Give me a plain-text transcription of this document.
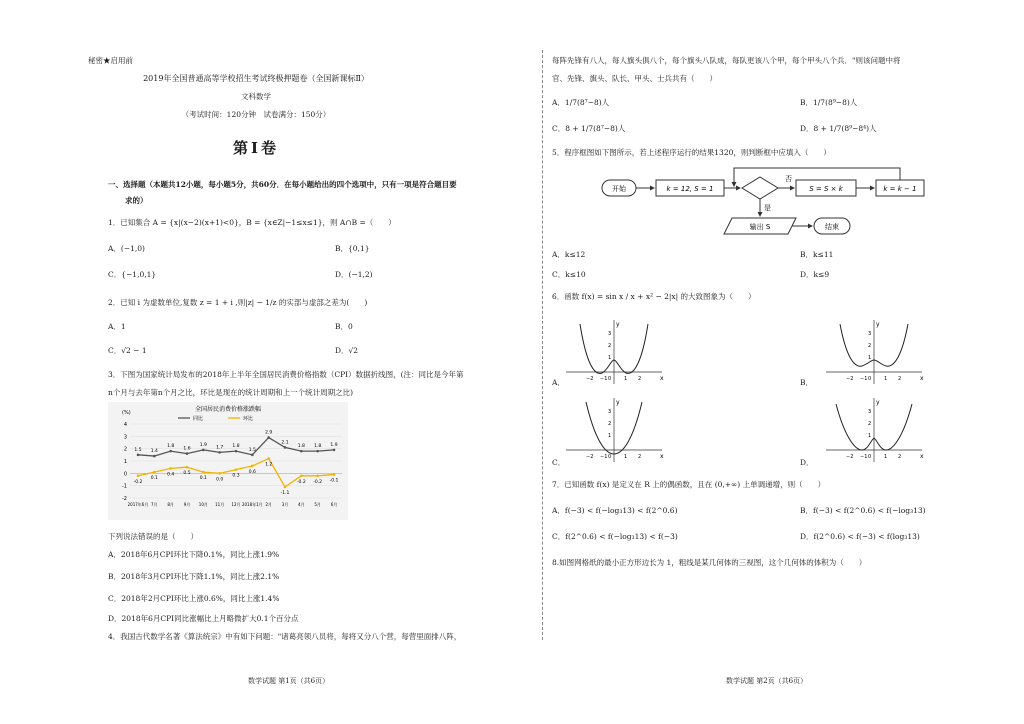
秘密★启用前
2019年全国普通高等学校招生考试终极押题卷（全国新课标Ⅱ）
文科数学
（考试时间：120分钟　试卷满分：150分）
第Ⅰ卷
一、选择题（本题共12小题，每小题5分，共60分．在每小题给出的四个选项中，只有一项是符合题目要
求的）
1．已知集合 A = {x|(x−2)(x+1)<0}，B = {x∈Z|−1≤x≤1}，则 A∩B =（　　）
A．(−1,0)	B．{0,1}
C．{−1,0,1}	D．(−1,2)
2．已知 i 为虚数单位,复数 z = 1 + i ,则|z| − 1/z 的实部与虚部之差为(　　)
A．1	B．0
C．√2 − 1	D．√2
3．下图为国家统计局发布的2018年上半年全国居民消费价格指数（CPI）数据折线图，(注：同比是今年第
n个月与去年第n个月之比，环比是现在的统计周期和上一个统计周期之比)
全国居民消费价格涨跌幅
(%)
同比	环比
-2
-1
0
1
2
3
4
2017年6月 7月 8月 9月 10月 11月 12月 2018年1月 2月 3月 4月 5月 6月
1.5 1.4
1.8 1.6
1.9 1.7 1.8
1.5
2.9
2.1
1.8 1.8 1.9
-0.2
0.1
0.4 0.5
0.1 0.0
0.3
0.6
1.2
-1.1
-0.2 -0.2 -0.1
下列说法错误的是（　　）
A．2018年6月CPI环比下降0.1%，同比上涨1.9%
B．2018年3月CPI环比下降1.1%，同比上涨2.1%
C．2018年2月CPI环比上涨0.6%，同比上涨1.4%
D．2018年6月CPI同比涨幅比上月略微扩大0.1个百分点
4．我国古代数学名著《算法统宗》中有如下问题："诸葛亮领八员将，每将又分八个营，每营里面排八阵，
数学试题 第1页（共6页）
每阵先锋有八人，每人旗头俱八个，每个旗头八队成，每队更该八个甲，每个甲头八个兵．"则该问题中将
官、先锋、旗头、队长、甲头、士兵共有（　　）
A．1/7(8⁷−8)人	B．1/7(8⁹−8)人
C．8 + 1/7(8⁷−8)人	D．8 + 1/7(8⁹−8⁴)人
5．程序框图如下图所示，若上述程序运行的结果1320，则判断框中应填入（　　）
开始	k = 12, S = 1
否
S = S × k	k = k − 1
是
输出 S	结束
A．k≤12	B．k≤11
C．k≤10	D．k≤9
6．函数 f(x) = sin x / x + x² − 2|x| 的大致图象为（　　）
A．
y
x
−2 −1 0	1 2
1
2
3
B．
y
x
−2 −1 0	1 2
1
2
3
C．
y
x
−2 −1 0	1 2
1
2
3
D．
y
x
−2 −1 0	1 2
1
2
3
7．已知函数 f(x) 是定义在 R 上的偶函数，且在 (0,+∞) 上单调递增，则（　　）
A．f(−3) < f(−log₃13) < f(2^0.6)	B．f(−3) < f(2^0.6) < f(−log₃13)
C．f(2^0.6) < f(−log₃13) < f(−3)	D．f(2^0.6) < f(−3) < f(log₃13)
8.如图网格纸的最小正方形边长为 1，粗线是某几何体的三视图，这个几何体的体积为（　　）
数学试题 第2页（共6页）
